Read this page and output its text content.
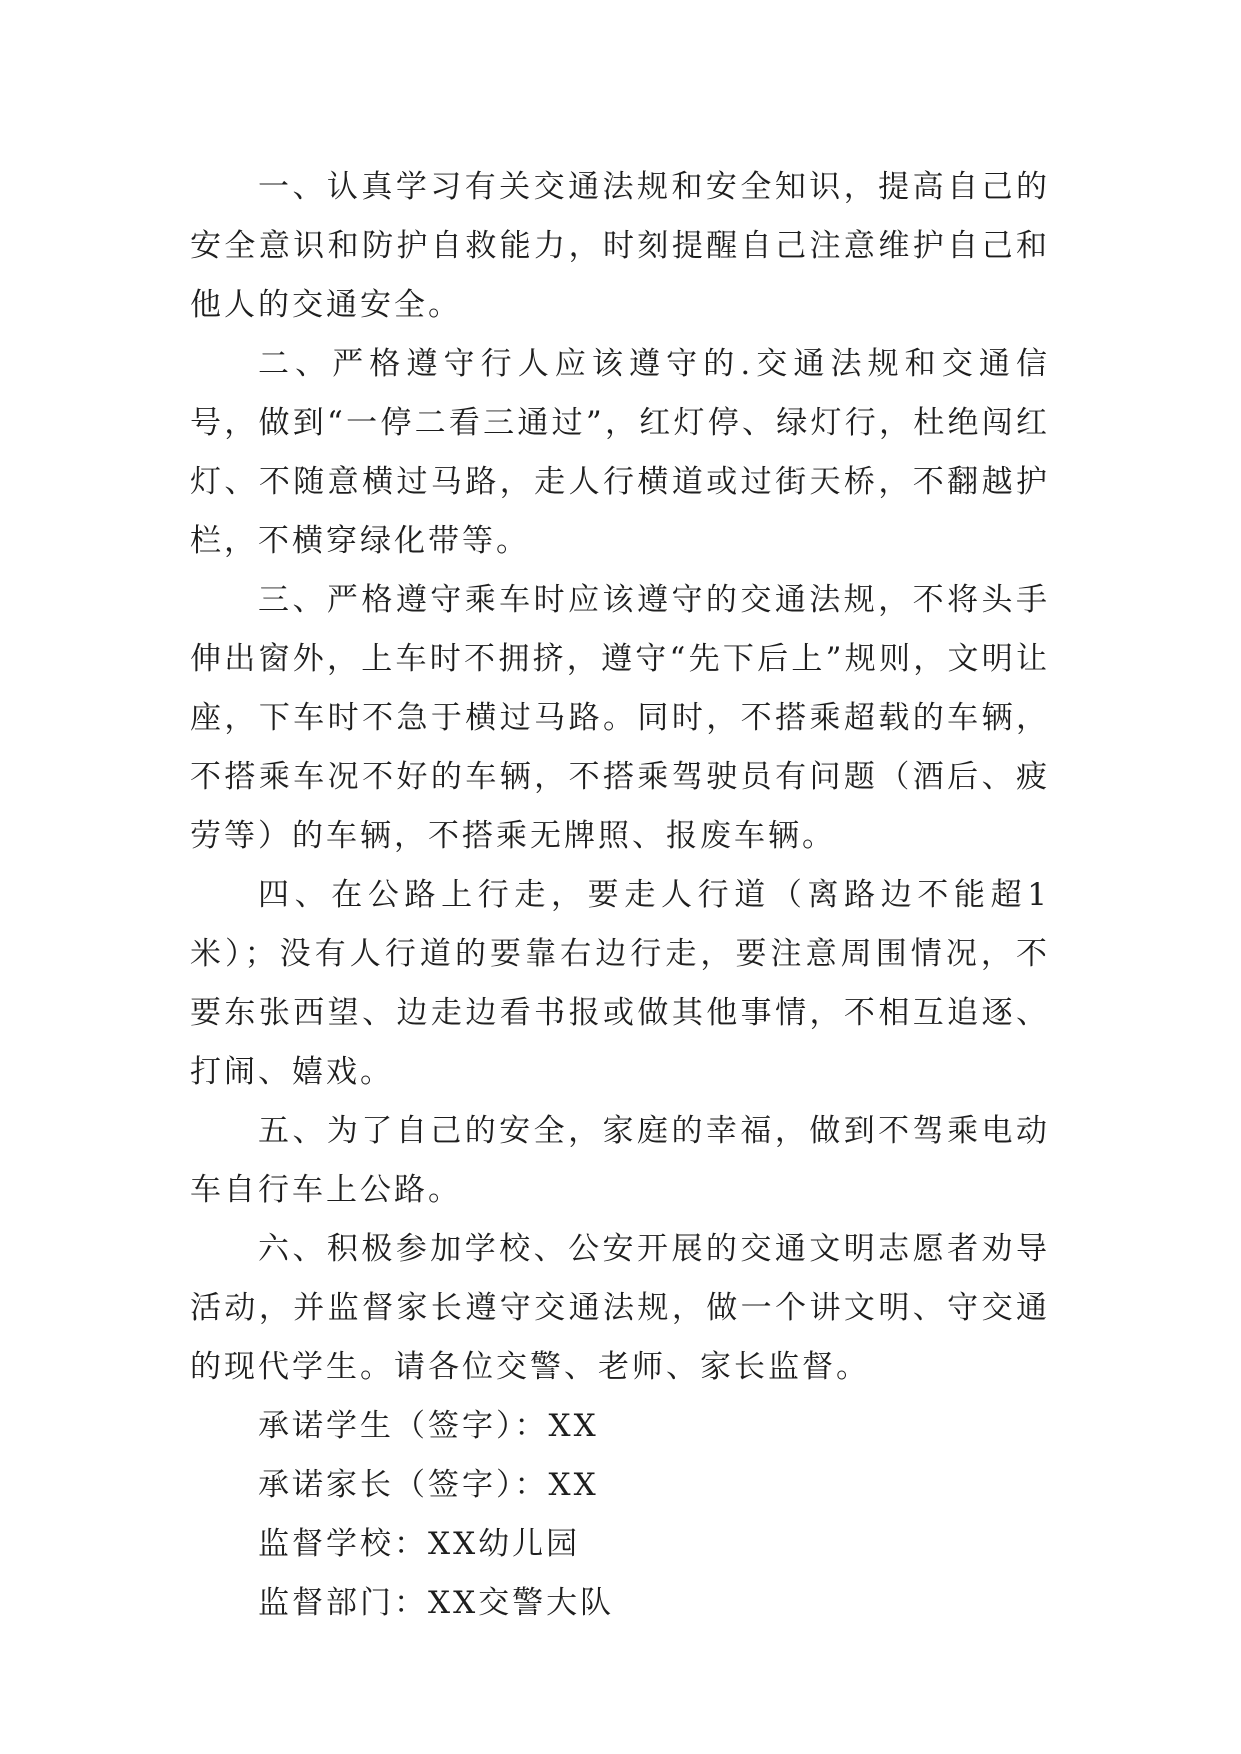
一、认真学习有关交通法规和安全知识，提高自己的安全意识和防护自救能力，时刻提醒自己注意维护自己和他人的交通安全。

二、严格遵守行人应该遵守的.交通法规和交通信号，做到“一停二看三通过”，红灯停、绿灯行，杜绝闯红灯、不随意横过马路，走人行横道或过街天桥，不翻越护栏，不横穿绿化带等。

三、严格遵守乘车时应该遵守的交通法规，不将头手伸出窗外，上车时不拥挤，遵守“先下后上”规则，文明让座，下车时不急于横过马路。同时，不搭乘超载的车辆，不搭乘车况不好的车辆，不搭乘驾驶员有问题（酒后、疲劳等）的车辆，不搭乘无牌照、报废车辆。

四、在公路上行走，要走人行道（离路边不能超1米）；没有人行道的要靠右边行走，要注意周围情况，不要东张西望、边走边看书报或做其他事情，不相互追逐、打闹、嬉戏。

五、为了自己的安全，家庭的幸福，做到不驾乘电动车自行车上公路。

六、积极参加学校、公安开展的交通文明志愿者劝导活动，并监督家长遵守交通法规，做一个讲文明、守交通的现代学生。请各位交警、老师、家长监督。

承诺学生（签字）：XX

承诺家长（签字）：XX

监督学校：XX幼儿园

监督部门：XX交警大队
